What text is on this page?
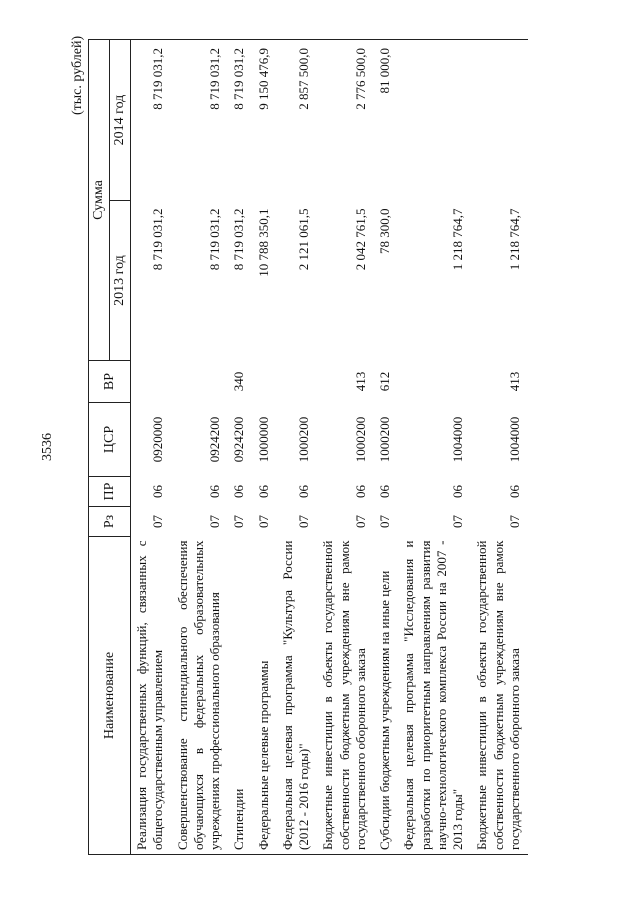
3536
(тыс. рублей)
Наименование	Рз	ПР	ЦСР	ВР	Сумма	
					2013 год	2014 год
Реализация государственных функций, связанных с общегосударственным управлением	07	06	0920000		8 719 031,2	8 719 031,2
Совершенствование стипендиального обеспечения обучающихся в федеральных образовательных учреждениях профессионального образования	07	06	0924200		8 719 031,2	8 719 031,2
Стипендии	07	06	0924200	340	8 719 031,2	8 719 031,2
Федеральные целевые программы	07	06	1000000		10 788 350,1	9 150 476,9
Федеральная целевая программа "Культура России (2012 - 2016 годы)"	07	06	1000200		2 121 061,5	2 857 500,0
Бюджетные инвестиции в объекты государственной собственности бюджетным учреждениям вне рамок государственного оборонного заказа	07	06	1000200	413	2 042 761,5	2 776 500,0
Субсидии бюджетным учреждениям на иные цели	07	06	1000200	612	78 300,0	81 000,0
Федеральная целевая программа "Исследования и разработки по приоритетным направлениям развития научно-технологического комплекса России на 2007 - 2013 годы"	07	06	1004000		1 218 764,7	
Бюджетные инвестиции в объекты государственной собственности бюджетным учреждениям вне рамок государственного оборонного заказа	07	06	1004000	413	1 218 764,7	
